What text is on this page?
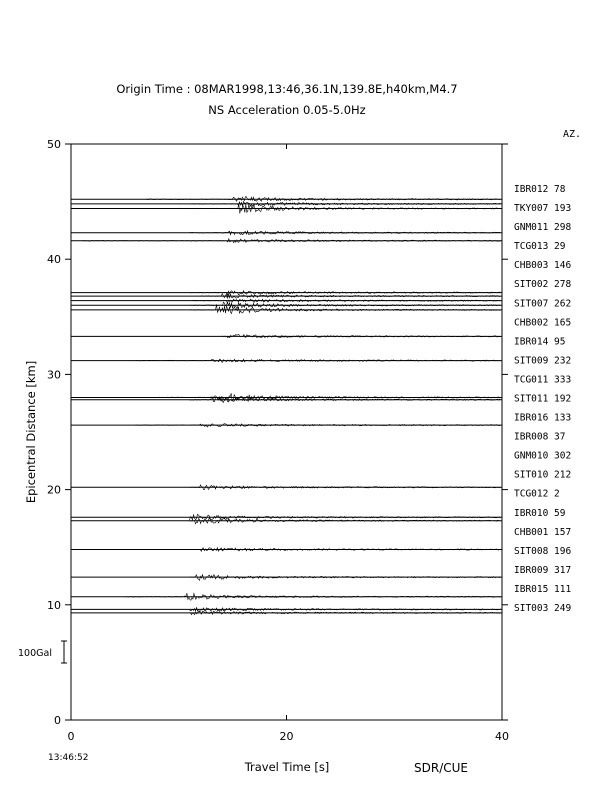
Origin Time : 08MAR1998,13:46,36.1N,139.8E,h40km,M4.7
NS Acceleration 0.05-5.0Hz
AZ.
IBR012 78
TKY007 193
GNM011 298
TCG013 29
CHB003 146
SIT002 278
SIT007 262
CHB002 165
IBR014 95
SIT009 232
TCG011 333
SIT011 192
IBR016 133
IBR008 37
GNM010 302
SIT010 212
TCG012 2
IBR010 59
CHB001 157
SIT008 196
IBR009 317
IBR015 111
SIT003 249
0	20	40
0
10
20
30
40
50
Travel Time [s]
Epicentral Distance [km]
13:46:52
100Gal
SDR/CUE
